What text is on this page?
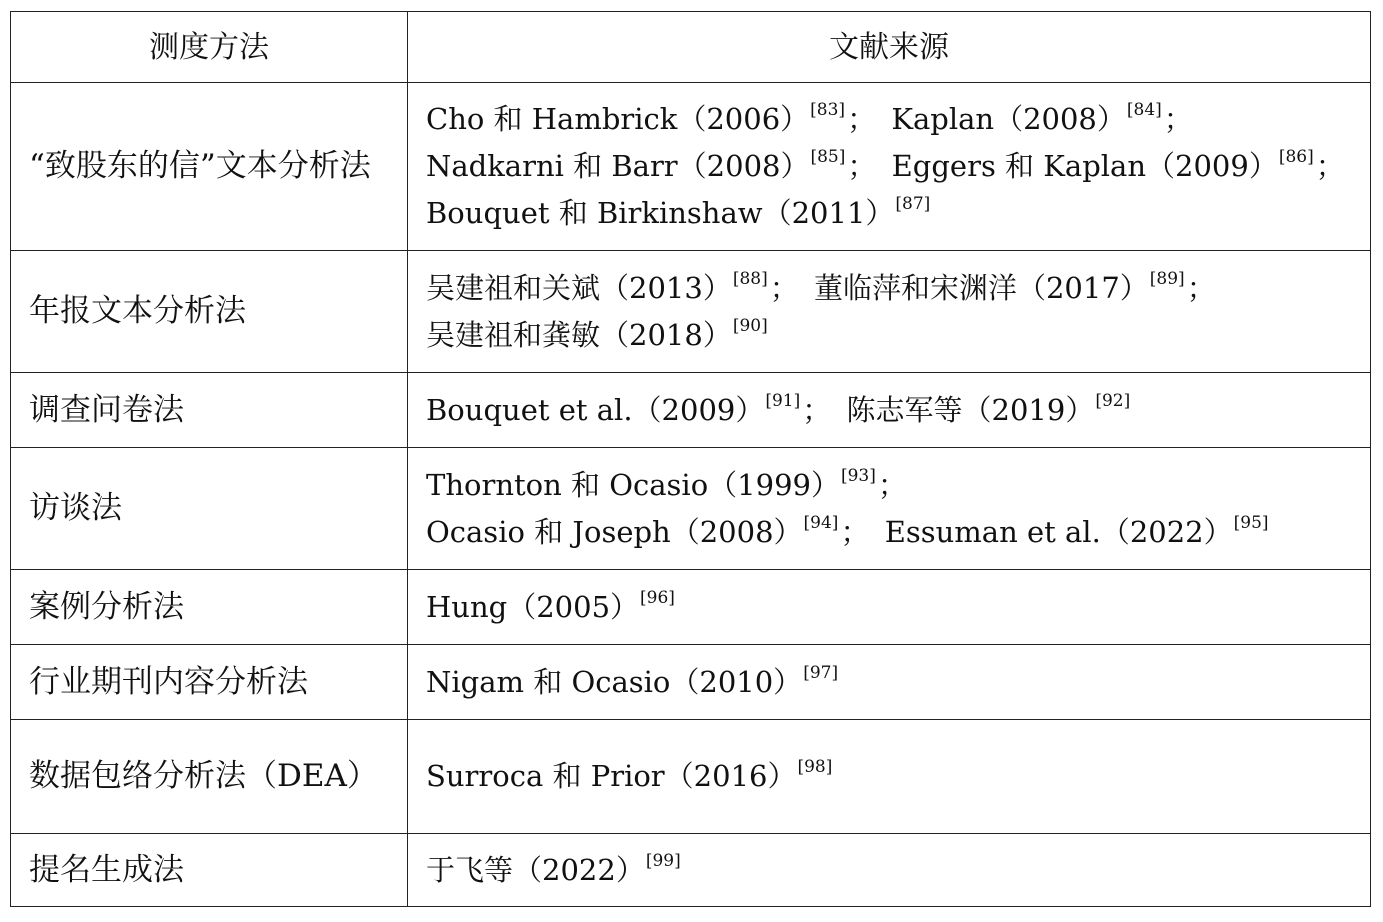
测度方法	文献来源
“致股东的信”文本分析法	Cho 和 Hambrick（2006）[83]； Kaplan（2008）[84]； Nadkarni 和 Barr（2008）[85]； Eggers 和 Kaplan（2009）[86]； Bouquet 和 Birkinshaw（2011）[87]
年报文本分析法	吴建祖和关斌（2013）[88]； 董临萍和宋渊洋（2017）[89]； 吴建祖和龚敏（2018）[90]
调查问卷法	Bouquet et al.（2009）[91]； 陈志军等（2019）[92]
访谈法	Thornton 和 Ocasio（1999）[93]； Ocasio 和 Joseph（2008）[94]； Essuman et al.（2022）[95]
案例分析法	Hung（2005）[96]
行业期刊内容分析法	Nigam 和 Ocasio（2010）[97]
数据包络分析法（DEA）	Surroca 和 Prior（2016）[98]
提名生成法	于飞等（2022）[99]
